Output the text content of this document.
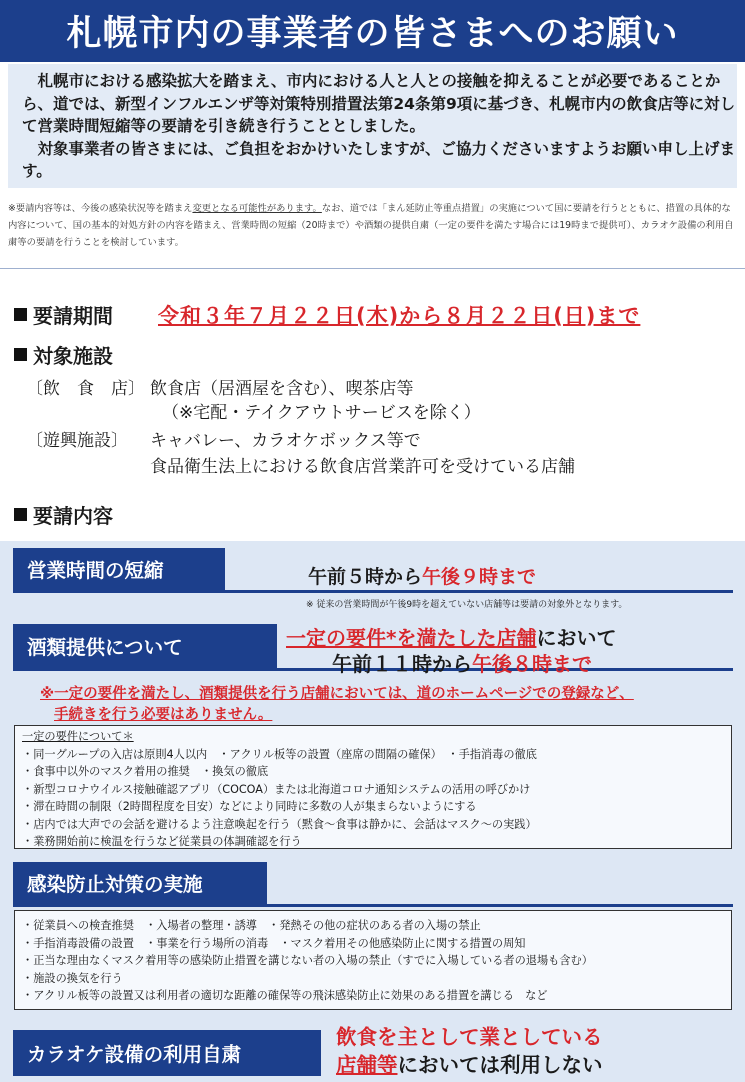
札幌市内の事業者の皆さまへのお願い

札幌市における感染拡大を踏まえ、市内における人と人との接触を抑えることが必要であることから、道では、新型インフルエンザ等対策特別措置法第24条第9項に基づき、札幌市内の飲食店等に対して営業時間短縮等の要請を引き続き行うこととしました。

対象事業者の皆さまには、ご負担をおかけいたしますが、ご協力くださいますようお願い申し上げます。

※要請内容等は、今後の感染状況等を踏まえ変更となる可能性があります。なお、道では「まん延防止等重点措置」の実施について国に要請を行うとともに、措置の具体的な内容について、国の基本的対処方針の内容を踏まえ、営業時間の短縮（20時まで）や酒類の提供自粛（一定の要件を満たす場合には19時まで提供可）、カラオケ設備の利用自粛等の要請を行うことを検討しています。
要請期間 令和３年７月２２日(木)から８月２２日(日)まで
対象施設
〔飲　食　店〕 飲食店（居酒屋を含む）、喫茶店等
（※宅配・テイクアウトサービスを除く）
〔遊興施設〕 キャバレー、カラオケボックス等で
食品衛生法上における飲食店営業許可を受けている店舗
要請内容
営業時間の短縮	午前５時から午後９時まで
※ 従来の営業時間が午後9時を超えていない店舗等は要請の対象外となります。
酒類提供について	一定の要件*を満たした店舗において
午前１１時から午後８時まで
※一定の要件を満たし、酒類提供を行う店舗においては、道のホームページでの登録など、
手続きを行う必要はありません。
一定の要件について＊
・同一グループの入店は原則4人以内　・アクリル板等の設置（座席の間隔の確保）　・手指消毒の徹底
・食事中以外のマスク着用の推奨　・換気の徹底
・新型コロナウイルス接触確認アプリ（COCOA）または北海道コロナ通知システムの活用の呼びかけ
・滞在時間の制限（2時間程度を目安）などにより同時に多数の人が集まらないようにする
・店内では大声での会話を避けるよう注意喚起を行う（黙食～食事は静かに、会話はマスク～の実践）
・業務開始前に検温を行うなど従業員の体調確認を行う
感染防止対策の実施
・従業員への検査推奨　・入場者の整理・誘導　・発熱その他の症状のある者の入場の禁止
・手指消毒設備の設置　・事業を行う場所の消毒　・マスク着用その他感染防止に関する措置の周知
・正当な理由なくマスク着用等の感染防止措置を講じない者の入場の禁止（すでに入場している者の退場も含む）
・施設の換気を行う
・アクリル板等の設置又は利用者の適切な距離の確保等の飛沫感染防止に効果のある措置を講じる　など
カラオケ設備の利用自粛
飲食を主として業としている
店舗等においては利用しない
